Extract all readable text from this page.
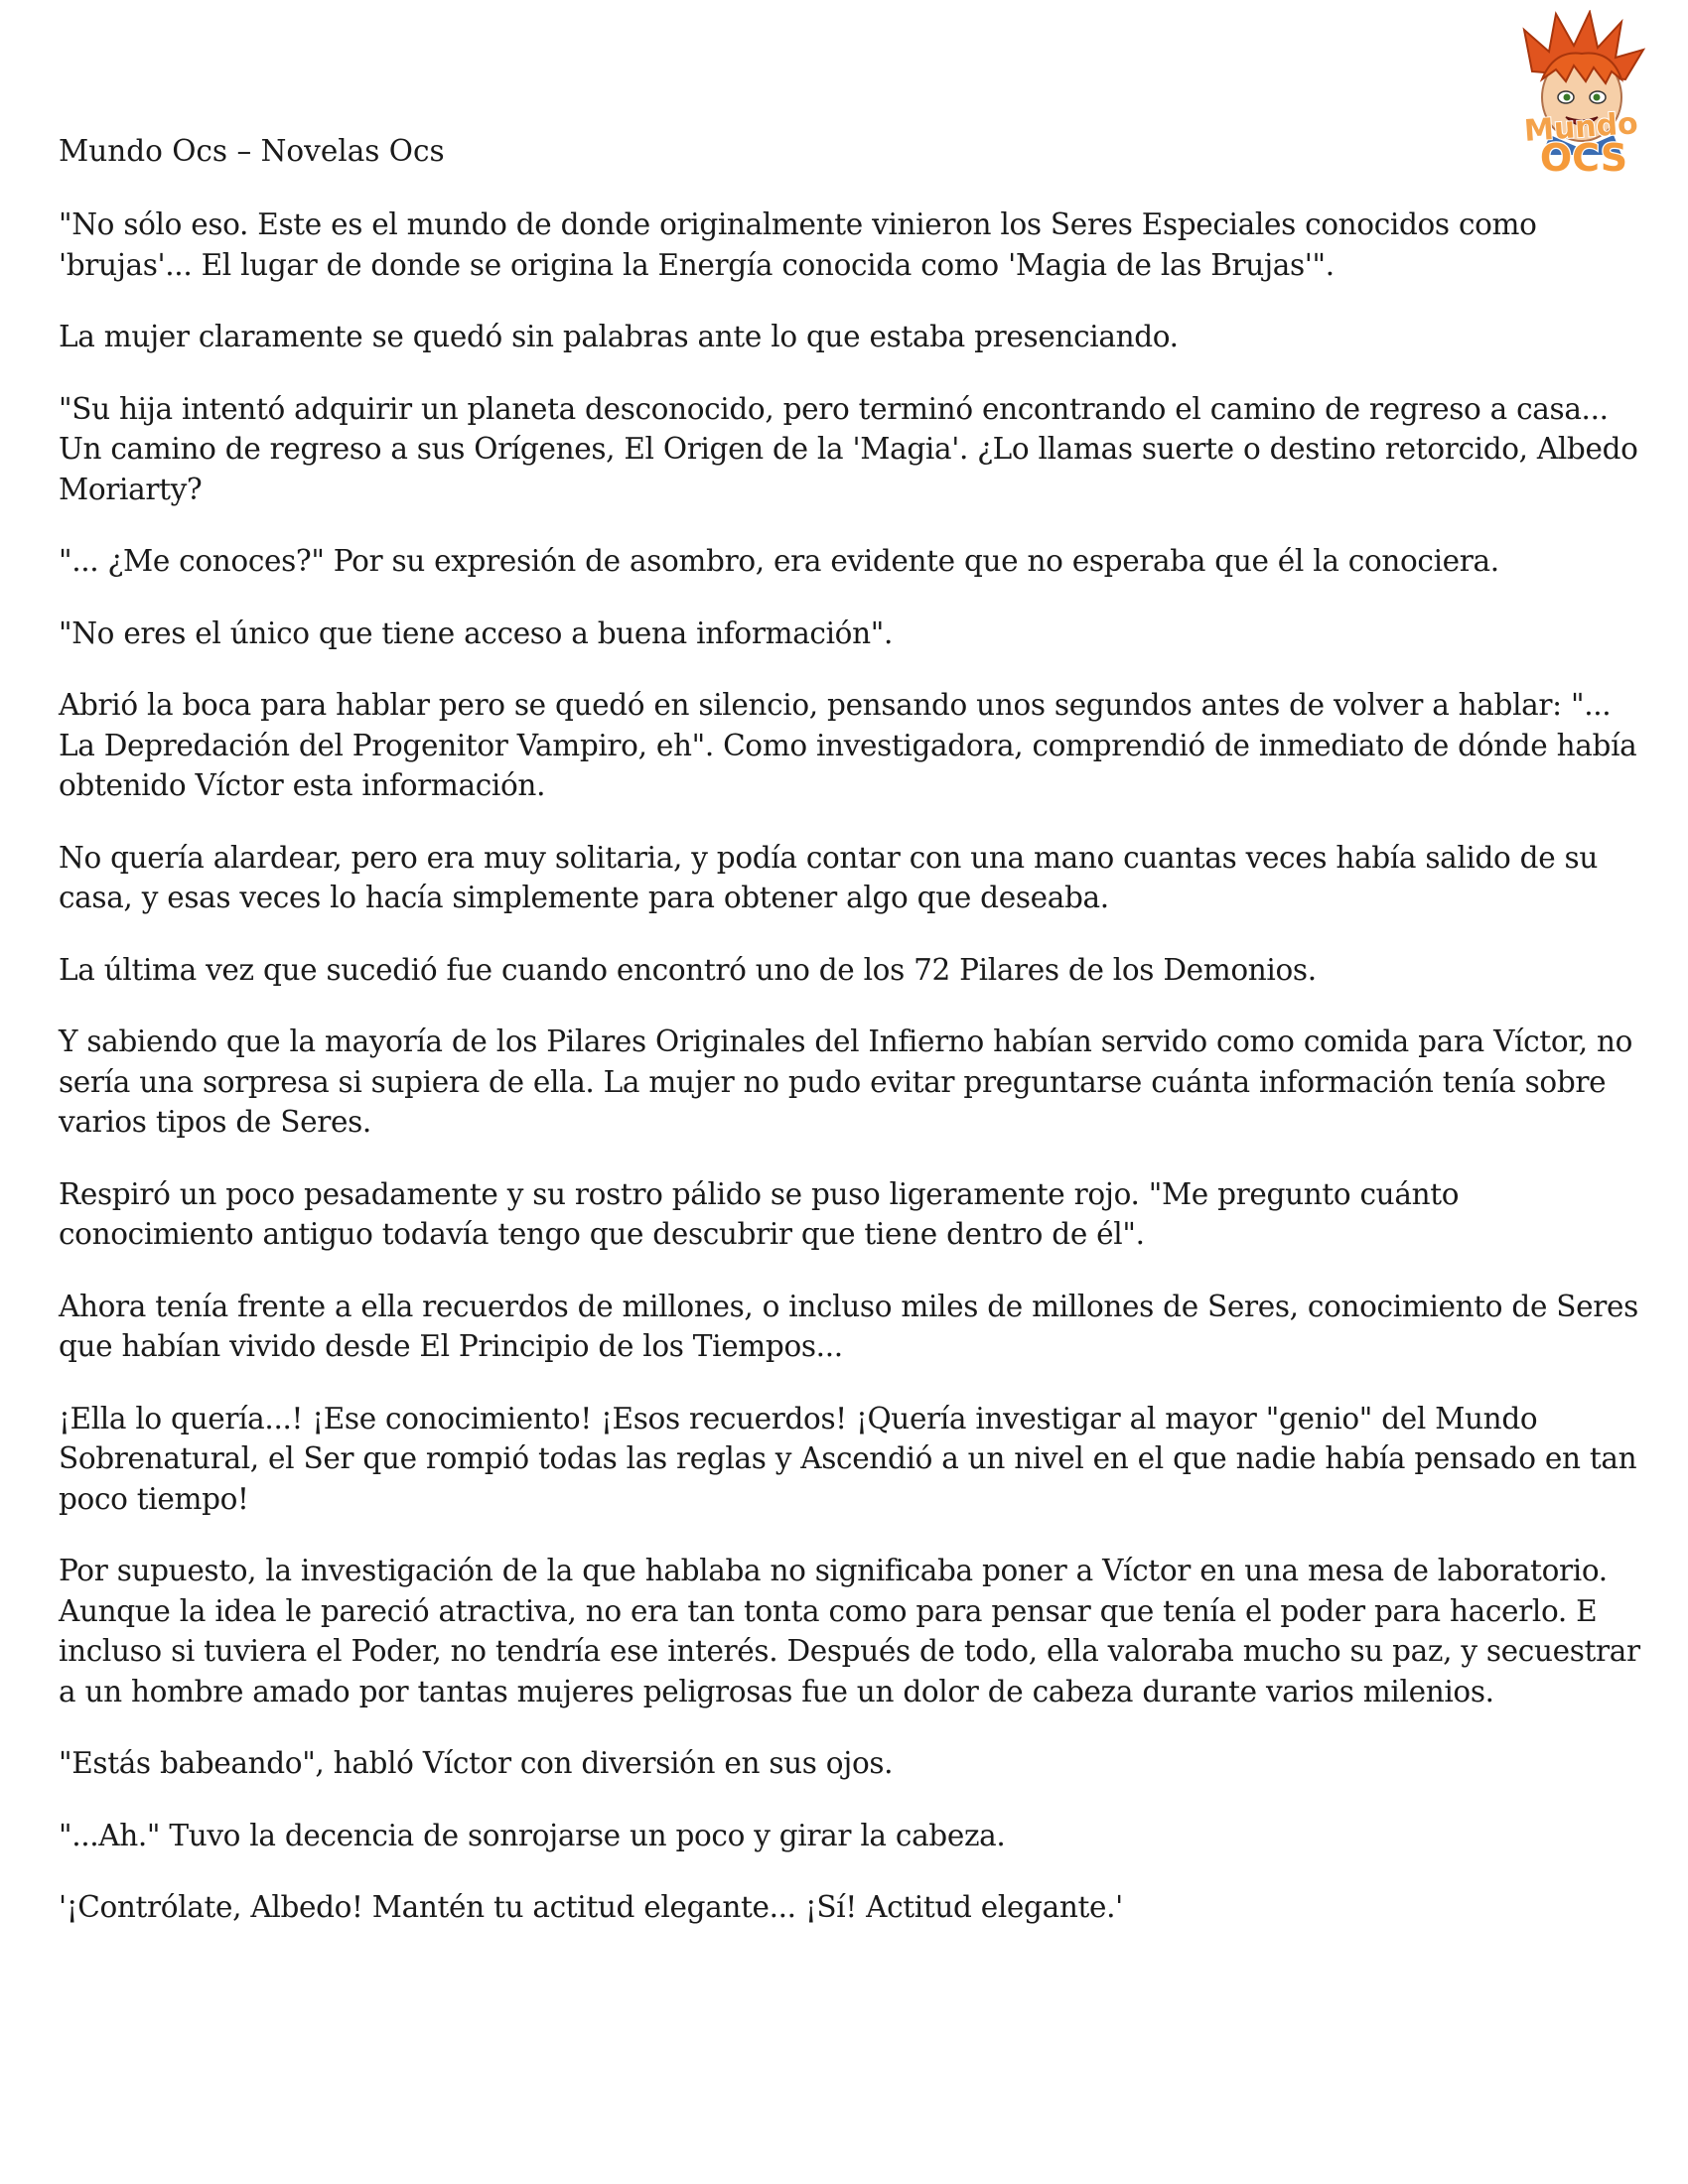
Mundo Ocs – Novelas Ocs
Mundo
OCS

"No sólo eso. Este es el mundo de donde originalmente vinieron los Seres Especiales conocidos como 'brujas'... El lugar de donde se origina la Energía conocida como 'Magia de las Brujas'".

La mujer claramente se quedó sin palabras ante lo que estaba presenciando.

"Su hija intentó adquirir un planeta desconocido, pero terminó encontrando el camino de regreso a casa... Un camino de regreso a sus Orígenes, El Origen de la 'Magia'. ¿Lo llamas suerte o destino retorcido, Albedo Moriarty?

"... ¿Me conoces?" Por su expresión de asombro, era evidente que no esperaba que él la conociera.

"No eres el único que tiene acceso a buena información".

Abrió la boca para hablar pero se quedó en silencio, pensando unos segundos antes de volver a hablar: "... La Depredación del Progenitor Vampiro, eh". Como investigadora, comprendió de inmediato de dónde había obtenido Víctor esta información.

No quería alardear, pero era muy solitaria, y podía contar con una mano cuantas veces había salido de su casa, y esas veces lo hacía simplemente para obtener algo que deseaba.

La última vez que sucedió fue cuando encontró uno de los 72 Pilares de los Demonios.

Y sabiendo que la mayoría de los Pilares Originales del Infierno habían servido como comida para Víctor, no sería una sorpresa si supiera de ella. La mujer no pudo evitar preguntarse cuánta información tenía sobre varios tipos de Seres.

Respiró un poco pesadamente y su rostro pálido se puso ligeramente rojo. "Me pregunto cuánto conocimiento antiguo todavía tengo que descubrir que tiene dentro de él".

Ahora tenía frente a ella recuerdos de millones, o incluso miles de millones de Seres, conocimiento de Seres que habían vivido desde El Principio de los Tiempos...

¡Ella lo quería...! ¡Ese conocimiento! ¡Esos recuerdos! ¡Quería investigar al mayor "genio" del Mundo Sobrenatural, el Ser que rompió todas las reglas y Ascendió a un nivel en el que nadie había pensado en tan poco tiempo!

Por supuesto, la investigación de la que hablaba no significaba poner a Víctor en una mesa de laboratorio. Aunque la idea le pareció atractiva, no era tan tonta como para pensar que tenía el poder para hacerlo. E incluso si tuviera el Poder, no tendría ese interés. Después de todo, ella valoraba mucho su paz, y secuestrar a un hombre amado por tantas mujeres peligrosas fue un dolor de cabeza durante varios milenios.

"Estás babeando", habló Víctor con diversión en sus ojos.

"...Ah." Tuvo la decencia de sonrojarse un poco y girar la cabeza.

'¡Contrólate, Albedo! Mantén tu actitud elegante... ¡Sí! Actitud elegante.'
